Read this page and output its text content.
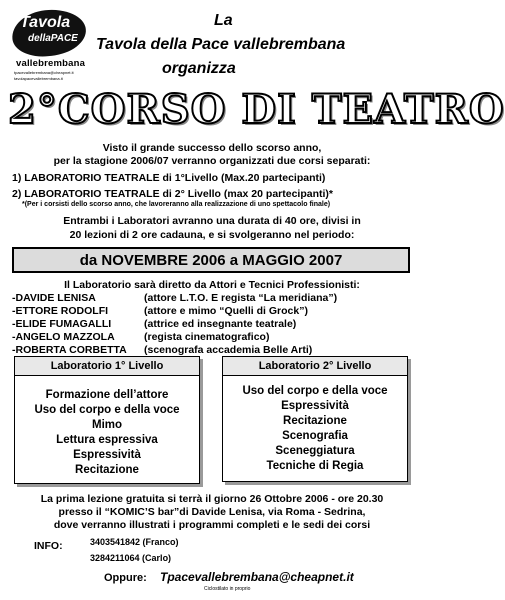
Tavola
dellaPACE
vallebrembana
tpacevallebrembana@cheapnet.it
tavolapacevallebrembana.it
La
Tavola della Pace vallebrembana
organizza
2°CORSO DI TEATRO
Visto il grande successo dello scorso anno,
per la stagione 2006/07 verranno organizzati due corsi separati:
1) LABORATORIO TEATRALE di 1°Livello (Max.20 partecipanti)
2) LABORATORIO TEATRALE di 2° Livello (max 20 partecipanti)*
*(Per i corsisti dello scorso anno, che lavoreranno alla realizzazione di uno spettacolo finale)
Entrambi i Laboratori avranno una durata di 40 ore, divisi in
20 lezioni di 2 ore cadauna, e si svolgeranno nel periodo:
da NOVEMBRE 2006 a MAGGIO 2007
Il Laboratorio sarà diretto da Attori e Tecnici Professionisti:
-DAVIDE LENISA	(attore L.T.O. E regista “La meridiana”)
-ETTORE RODOLFI	(attore e mimo “Quelli di Grock”)
-ELIDE FUMAGALLI	(attrice ed insegnante teatrale)
-ANGELO MAZZOLA	(regista cinematografico)
-ROBERTA CORBETTA (scenografa accademia Belle Arti)
Laboratorio 1° Livello
Formazione dell’attore
Uso del corpo e della voce
Mimo
Lettura espressiva
Espressività
Recitazione
Laboratorio 2° Livello
Uso del corpo e della voce
Espressività
Recitazione
Scenografia
Sceneggiatura
Tecniche di Regia
La prima lezione gratuita si terrà il giorno 26 Ottobre 2006 - ore 20.30
presso il “KOMIC’S bar”di Davide Lenisa, via Roma - Sedrina,
dove verranno illustrati i programmi completi e le sedi dei corsi
INFO:	3403541842 (Franco)
3284211064 (Carlo)
Oppure: Tpacevallebrembana@cheapnet.it
Ciclostilato in proprio
